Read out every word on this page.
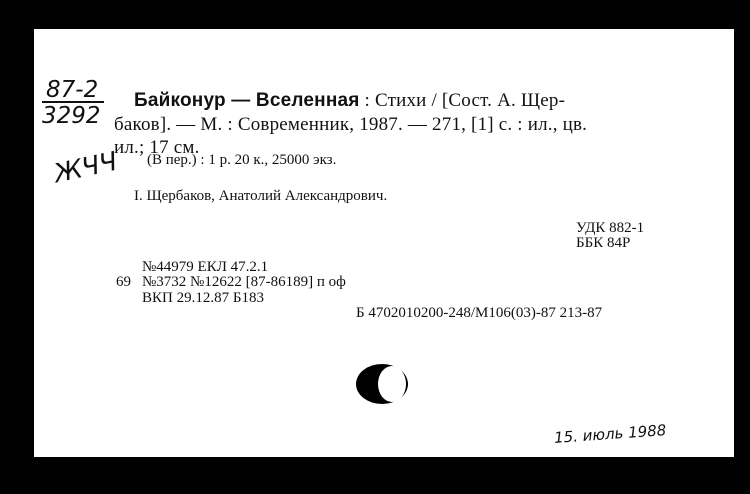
87-2
3292
ЖЧЧ
Байконур — Вселенная : Стихи / [Сост. А. Щер-
баков]. — М. : Современник, 1987. — 271, [1] с. : ил., цв.
ил.; 17 см.
(В пер.) : 1 р. 20 к., 25000 экз.
I. Щербаков, Анатолий Александрович.
УДК 882-1
ББК 84Р
№44979 ЕКЛ 47.2.1
69 №3732 №12622 [87-86189] п оф
ВКП 29.12.87 Б183
Б 4702010200-248/М106(03)-87 213-87
15. июль 1988
